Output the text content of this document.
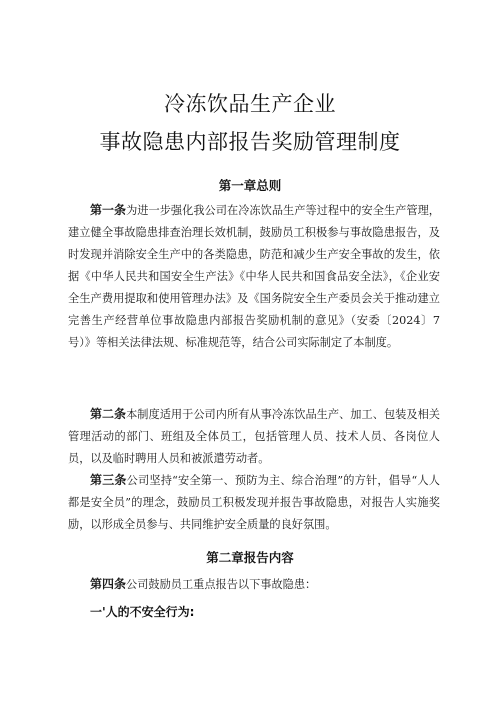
冷冻饮品生产企业
事故隐患内部报告奖励管理制度
第一章总则
第一条为进一步强化我公司在冷冻饮品生产等过程中的安全生产管理，建立健全事故隐患排查治理长效机制，鼓励员工积极参与事故隐患报告，及时发现并消除安全生产中的各类隐患，防范和减少生产安全事故的发生，依据《中华人民共和国安全生产法》《中华人民共和国食品安全法》，《企业安全生产费用提取和使用管理办法》及《国务院安全生产委员会关于推动建立完善生产经营单位事故隐患内部报告奖励机制的意见》（安委〔2024〕7号）》等相关法律法规、标准规范等，结合公司实际制定了本制度。
第二条本制度适用于公司内所有从事冷冻饮品生产、加工、包装及相关管理活动的部门、班组及全体员工，包括管理人员、技术人员、各岗位人员，以及临时聘用人员和被派遣劳动者。
第三条公司坚持“安全第一、预防为主、综合治理”的方针，倡导“人人都是安全员”的理念，鼓励员工积极发现并报告事故隐患，对报告人实施奖励，以形成全员参与、共同维护安全质量的良好氛围。
第二章报告内容
第四条公司鼓励员工重点报告以下事故隐患：
一'人的不安全行为:
